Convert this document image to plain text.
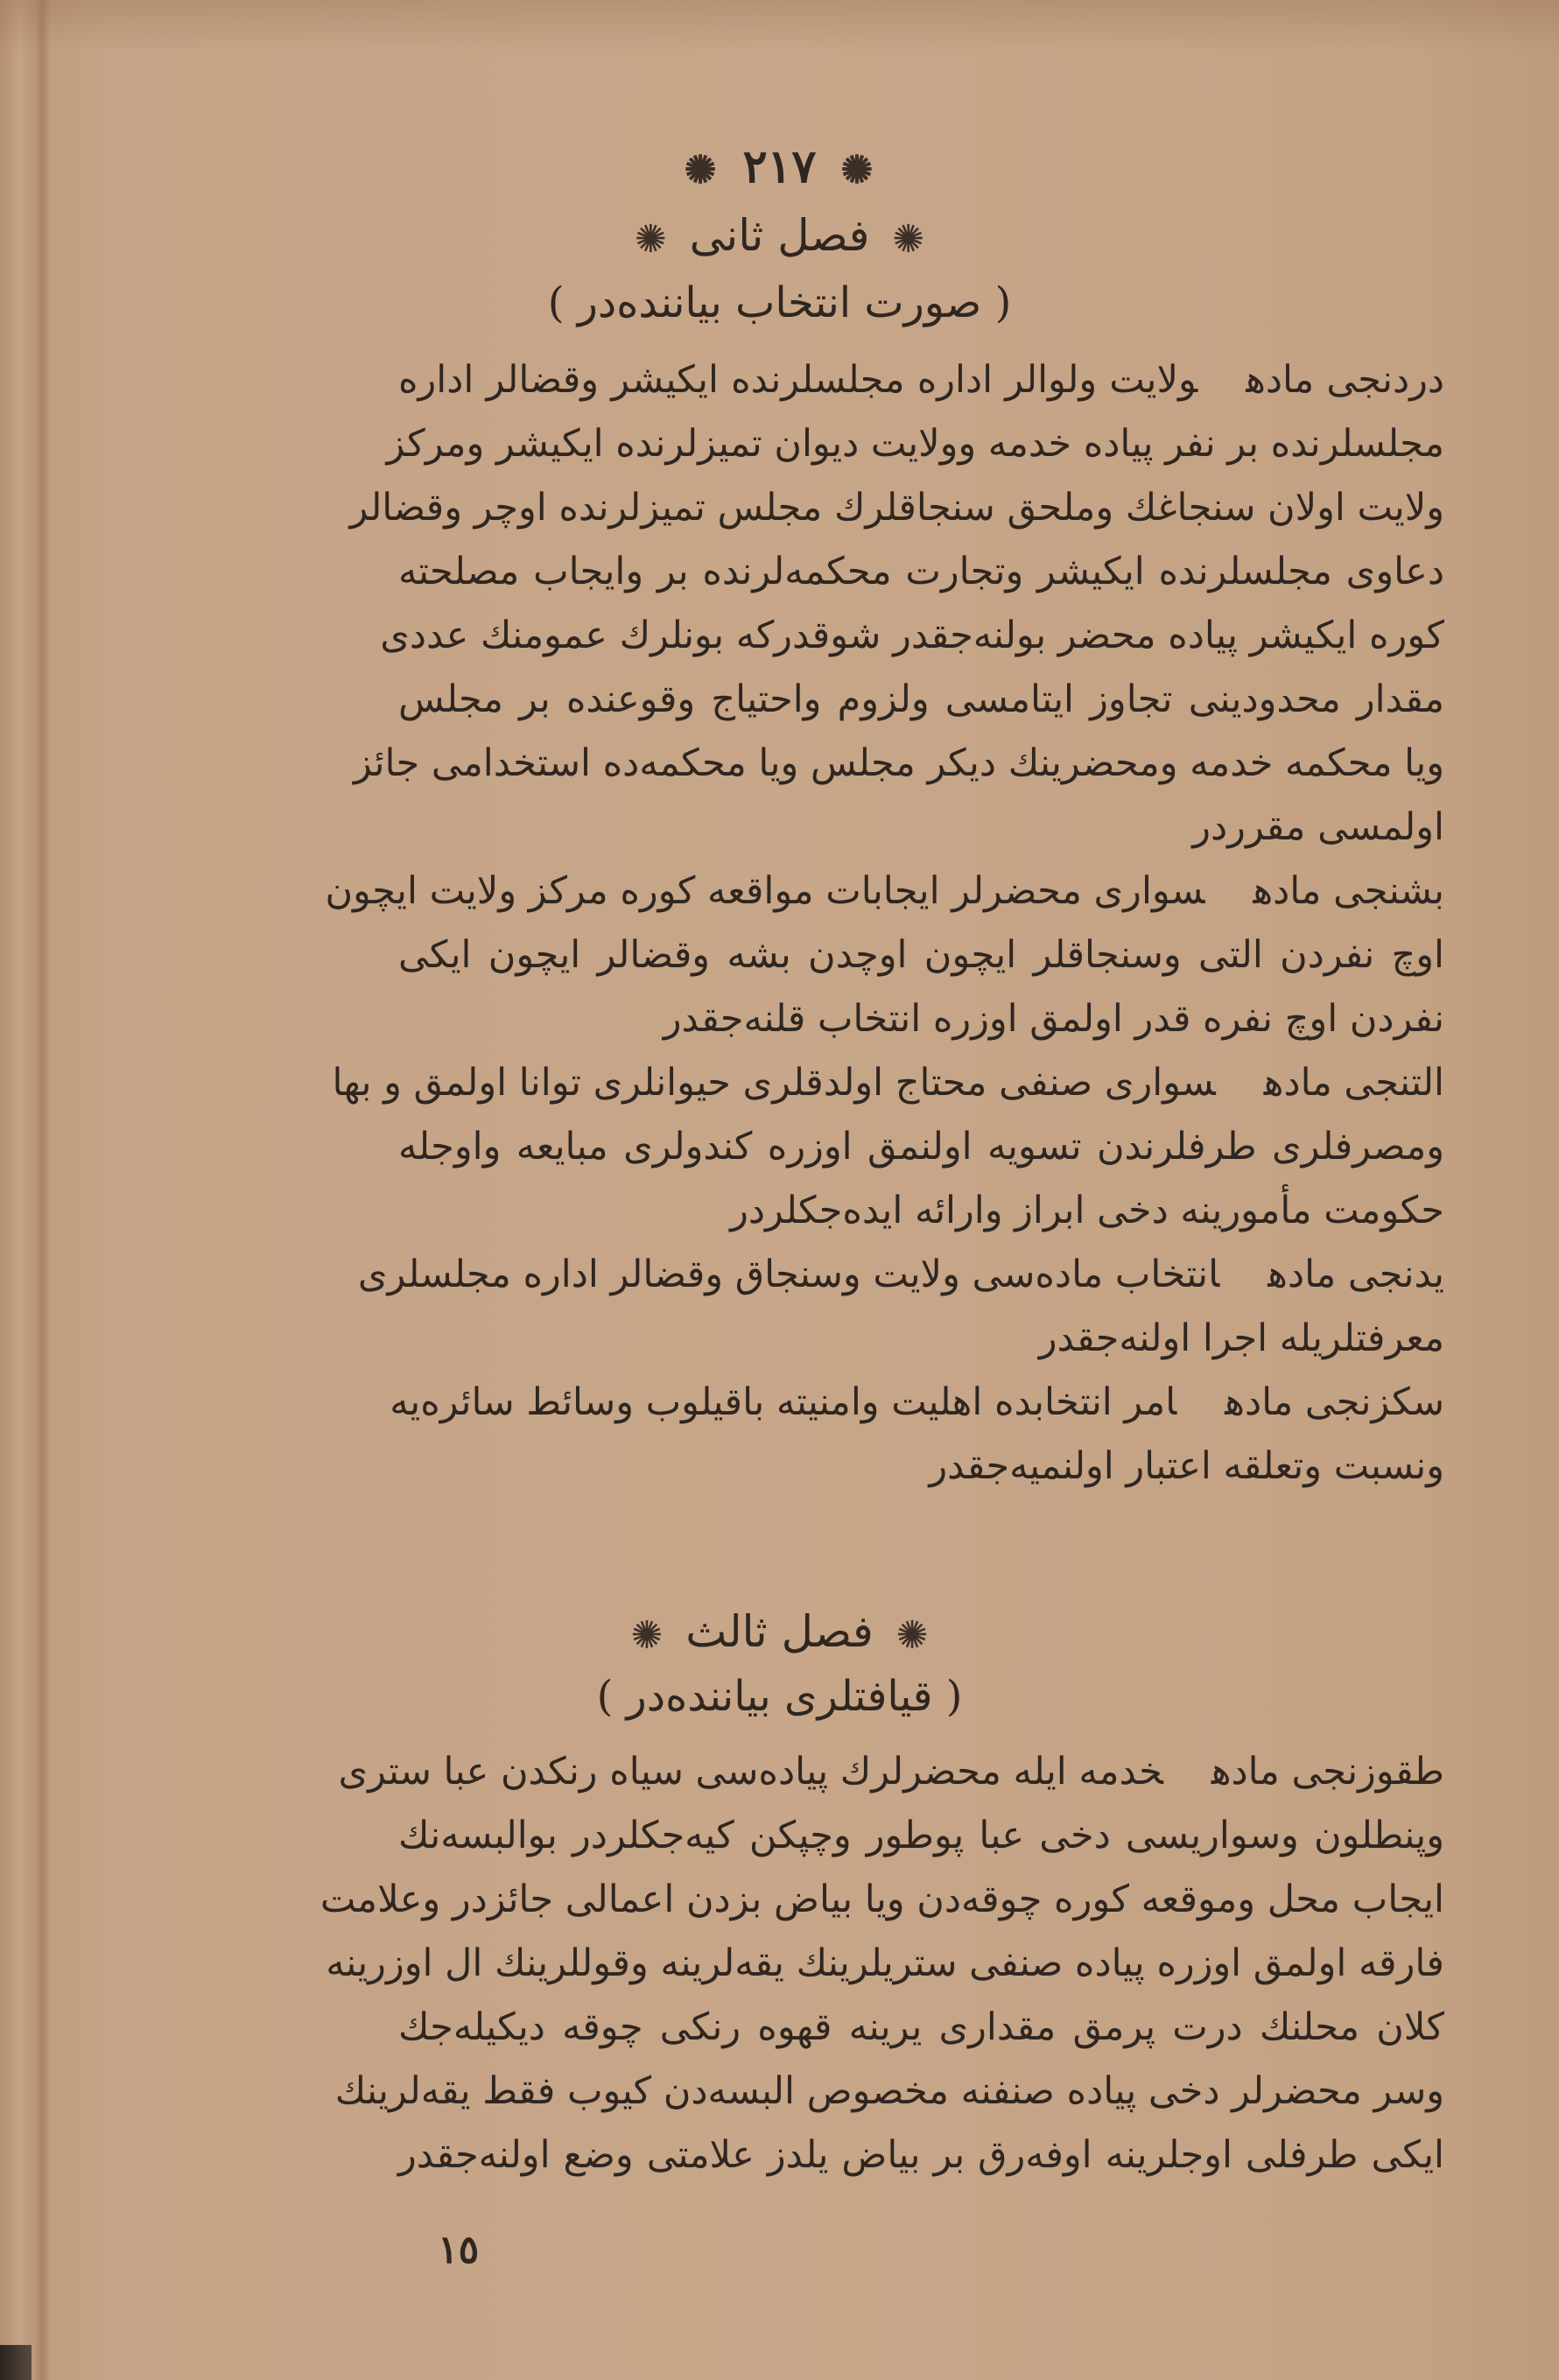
✺ ٢١٧ ✺
✺ فصل ثانى ✺
( صورت انتخاب بياننده‌در )
دردنجى مادهولايت ولوالر اداره مجلسلرنده ايكيشر وقضالر اداره
مجلسلرنده بر نفر پياده خدمه وولايت ديوان تميزلرنده ايكيشر ومركز
ولايت اولان سنجاغك وملحق سنجاقلرك مجلس تميزلرنده اوچر وقضالر
دعاوى مجلسلرنده ايكيشر وتجارت محكمه‌لرنده بر وايجاب مصلحته
كوره ايكيشر پياده محضر بولنه‌جقدر شوقدركه بونلرك عمومنك عددى
مقدار محدودينى تجاوز ايتامسى ولزوم واحتياج وقوعنده بر مجلس
ويا محكمه خدمه ومحضرينك ديكر مجلس ويا محكمه‌ده استخدامى جائز
اولمسى مقرردر
بشنجى مادهسوارى محضرلر ايجابات مواقعه كوره مركز ولايت ايچون
اوچ نفردن التى وسنجاقلر ايچون اوچدن بشه وقضالر ايچون ايكى
نفردن اوچ نفره قدر اولمق اوزره انتخاب قلنه‌جقدر
التنجى مادهسوارى صنفى محتاج اولدقلرى حيوانلرى توانا اولمق و بها
ومصرفلرى طرفلرندن تسويه اولنمق اوزره كندولرى مبايعه واوجله
حكومت مأمورينه دخى ابراز وارائه ايده‌جكلردر
يدنجى مادهانتخاب ماده‌سى ولايت وسنجاق وقضالر اداره مجلسلرى
معرفتلريله اجرا اولنه‌جقدر
سكزنجى مادهامر انتخابده اهليت وامنيته باقيلوب وسائط سائره‌يه
ونسبت وتعلقه اعتبار اولنميه‌جقدر
✺ فصل ثالث ✺
( قيافتلرى بياننده‌در )
طقوزنجى مادهخدمه ايله محضرلرك پياده‌سى سياه رنكدن عبا سترى
وپنطلون وسواريسى دخى عبا پوطور وچپكن كيه‌جكلردر بوالبسه‌نك
ايجاب محل وموقعه كوره چوقه‌دن ويا بياض بزدن اعمالى جائزدر وعلامت
فارقه اولمق اوزره پياده صنفى ستريلرينك يقه‌لرينه وقوللرينك ال اوزرينه
كلان محلنك درت پرمق مقدارى يرينه قهوه رنكى چوقه ديكيله‌جك
وسر محضرلر دخى پياده صنفنه مخصوص البسه‌دن كيوب فقط يقه‌لرينك
ايكى طرفلى اوجلرينه اوفه‌رق بر بياض يلدز علامتى وضع اولنه‌جقدر
١٥
